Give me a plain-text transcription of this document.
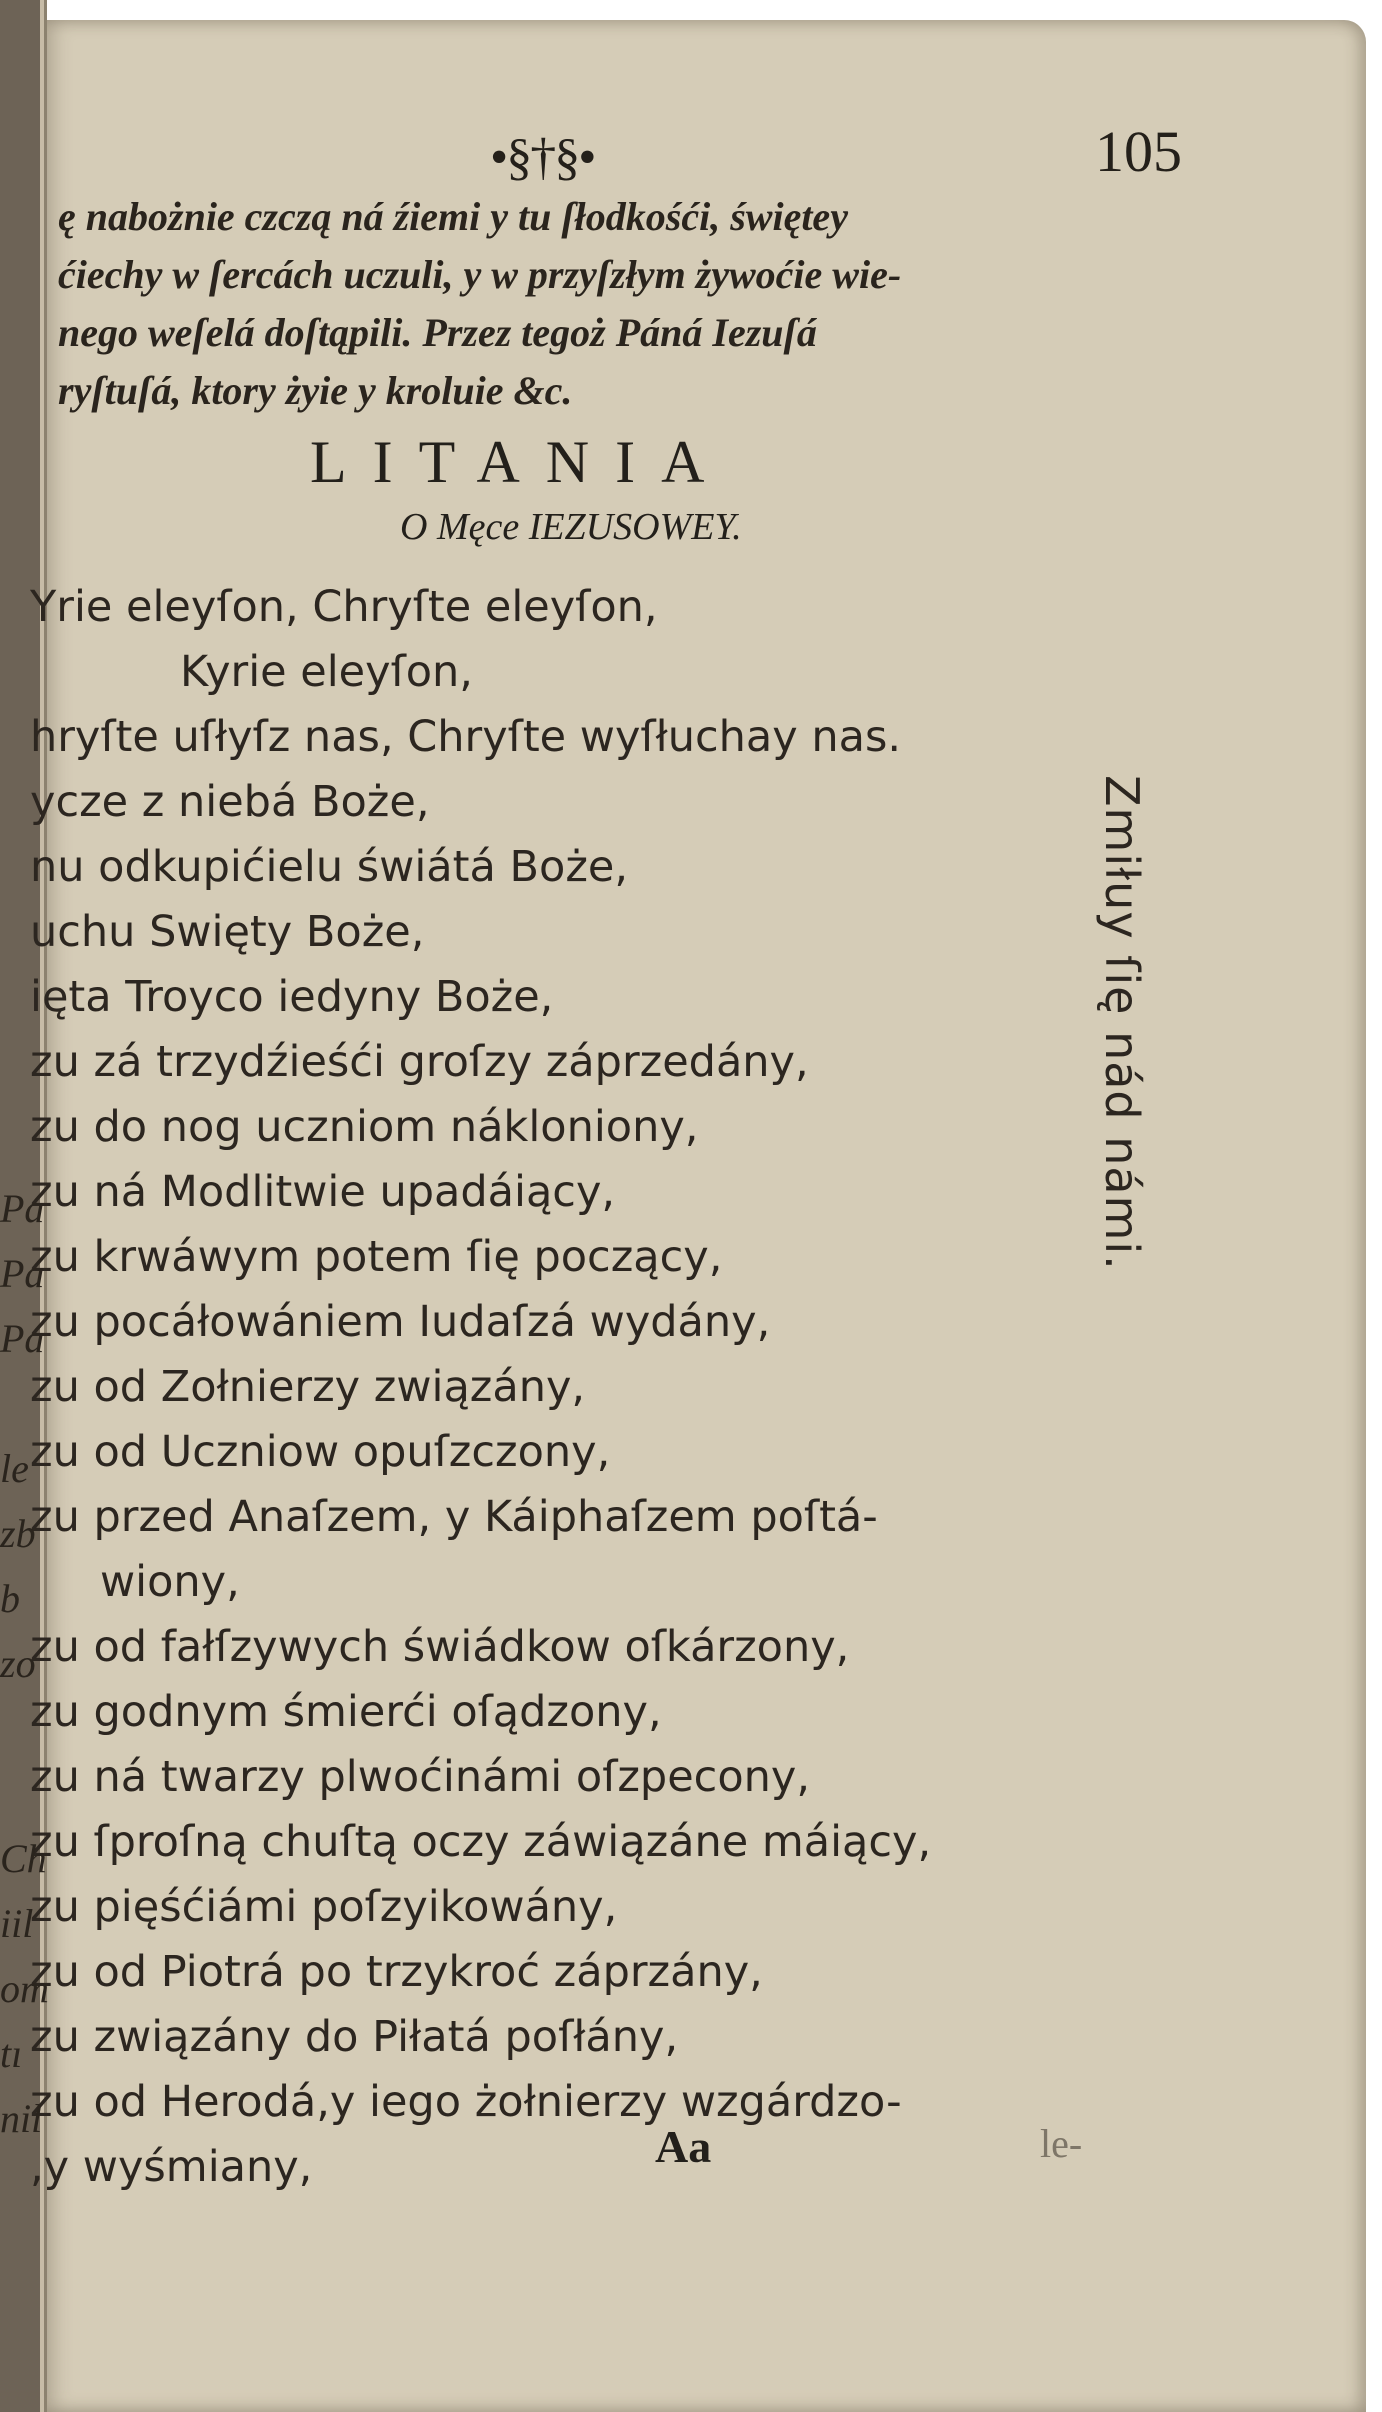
•§†§•	105
ę nabożnie czczą ná źiemi y tu ſłodkośći, świętey
ćiechy w ſercách uczuli, y w przyſzłym żywoćie wie-
nego weſelá doſtąpili. Przez tegoż Páná Iezuſá
ryſtuſá, ktory żyie y kroluie &c.
LITANIA
O Męce IEZUSOWEY.
Yrie eleyſon, Chryſte eleyſon,
Kyrie eleyſon,
hryſte uſłyſz nas, Chryſte wyſłuchay nas.
ycze z niebá Boże,
nu odkupićielu świátá Boże,
uchu Swięty Boże,
ięta Troyco iedyny Boże,
zu zá trzydźieśći groſzy záprzedány,
zu do nog uczniom nákloniony,
zu ná Modlitwie upadáiący,
zu krwáwym potem ſię poczący,
zu pocáłowániem Iudaſzá wydány,
zu od Zołnierzy związány,
zu od Uczniow opuſzczony,
zu przed Anaſzem, y Káiphaſzem poſtá-
wiony,
zu od fałſzywych świádkow oſkárzony,
zu godnym śmierći oſądzony,
zu ná twarzy plwoćinámi oſzpecony,
zu ſproſną chuſtą oczy záwiązáne máiący,
zu pięśćiámi poſzyikowány,
zu od Piotrá po trzykroć záprzány,
zu związány do Piłatá poſłány,
zu od Herodá,y iego żołnierzy wzgárdzo-
,y wyśmiany,
Zmiłuy ſię nád námi.
Aa	le-
Pá
Pá
Pá
le
zb
b
zo
Ch
iil
om
tı
nil
